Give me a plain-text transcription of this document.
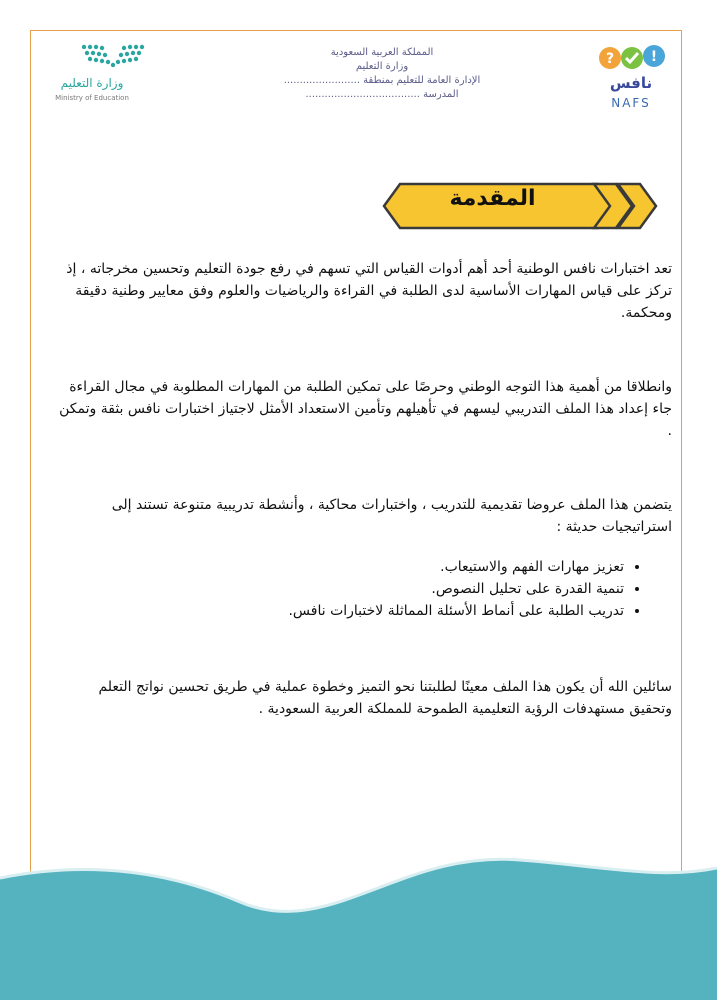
وزارة التعليم
Ministry of Education
المملكة العربية السعودية
وزارة التعليم
الإدارة العامة للتعليم بمنطقة ........................
المدرسة ....................................
?	!
نافس
NAFS
المقدمة

تعد اختبارات نافس الوطنية أحد أهم أدوات القياس التي تسهم في رفع جودة التعليم وتحسين مخرجاته ، إذ تركز على قياس المهارات الأساسية لدى الطلبة في القراءة والرياضيات والعلوم وفق معايير وطنية دقيقة ومحكمة.

وانطلاقا من أهمية هذا التوجه الوطني وحرصًا على تمكين الطلبة من المهارات المطلوبة في مجال القراءة جاء إعداد هذا الملف التدريبي ليسهم في تأهيلهم وتأمين الاستعداد الأمثل لاجتياز اختبارات نافس بثقة وتمكن .

يتضمن هذا الملف عروضا تقديمية للتدريب ، واختبارات محاكية ، وأنشطة تدريبية متنوعة تستند إلى استراتيجيات حديثة :

• تعزيز مهارات الفهم والاستيعاب.
• تنمية القدرة على تحليل النصوص.
• تدريب الطلبة على أنماط الأسئلة المماثلة لاختبارات نافس.

سائلين الله أن يكون هذا الملف معينًا لطلبتنا نحو التميز وخطوة عملية في طريق تحسين نواتج التعلم وتحقيق مستهدفات الرؤية التعليمية الطموحة للمملكة العربية السعودية .
